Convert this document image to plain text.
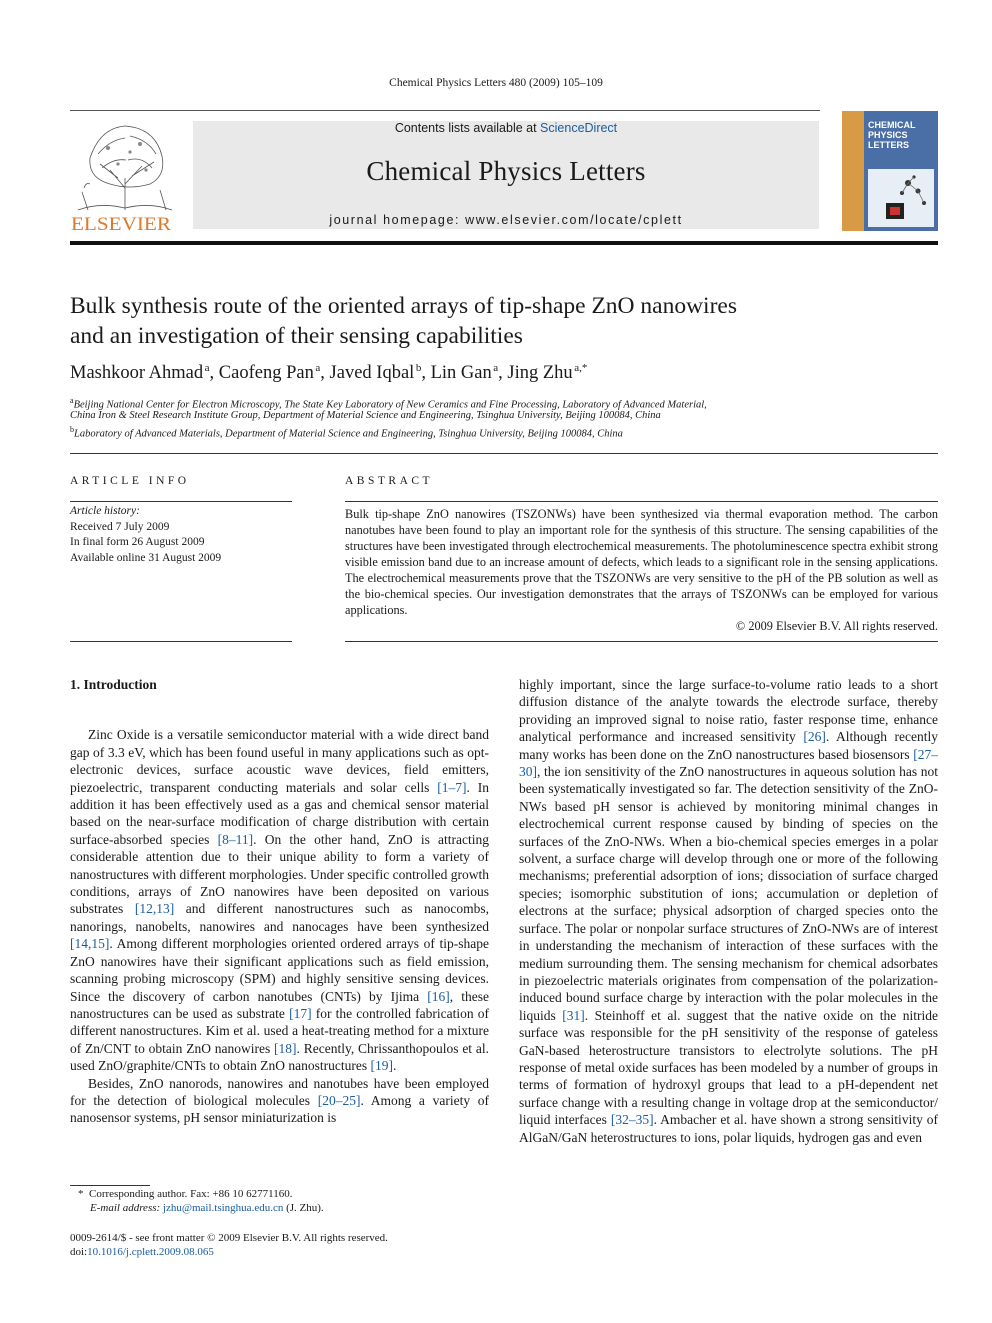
Chemical Physics Letters 480 (2009) 105–109
ELSEVIER
Contents lists available at ScienceDirect
Chemical Physics Letters
journal homepage: www.elsevier.com/locate/cplett
CHEMICAL
PHYSICS
LETTERS
Bulk synthesis route of the oriented arrays of tip-shape ZnO nanowires
and an investigation of their sensing capabilities
Mashkoor Ahmad  $^a$, Caofeng Pan  $^a$, Javed Iqbal  $^b$, Lin Gan  $^a$, Jing Zhu  $^{a,*}$
$^a$Beijing National Center for Electron Microscopy, The State Key Laboratory of New Ceramics and Fine Processing, Laboratory of Advanced Material,
China Iron & Steel Research Institute Group, Department of Material Science and Engineering, Tsinghua University, Beijing 100084, China
$^b$Laboratory of Advanced Materials, Department of Material Science and Engineering, Tsinghua University, Beijing 100084, China
ARTICLE INFO
Article history:
Received 7 July 2009
In final form 26 August 2009
Available online 31 August 2009
ABSTRACT
Bulk tip-shape ZnO nanowires (TSZONWs) have been synthesized via thermal evaporation method. The carbon nanotubes have been found to play an important role for the synthesis of this structure. The sensing capabilities of the structures have been investigated through electrochemical measurements. The photoluminescence spectra exhibit strong visible emission band due to an increase amount of defects, which leads to a significant role in the sensing applications. The electrochemical measurements prove that the TSZONWs are very sensitive to the pH of the PB solution as well as the bio-chemical species. Our investigation demonstrates that the arrays of TSZONWs can be employed for various applications.
© 2009 Elsevier B.V. All rights reserved.

1. Introduction

Zinc Oxide is a versatile semiconductor material with a wide direct band gap of 3.3 eV, which has been found useful in many applications such as opt-electronic devices, surface acoustic wave devices, field emitters, piezoelectric, transparent conducting materials and solar cells [1–7]. In addition it has been effectively used as a gas and chemical sensor material based on the near-surface modification of charge distribution with certain surface-absorbed species [8–11]. On the other hand, ZnO is attracting considerable attention due to their unique ability to form a variety of nanostructures with different morphologies. Under specific controlled growth conditions, arrays of ZnO nanowires have been deposited on various substrates [12,13] and different nanostructures such as nanocombs, nanorings, nanobelts, nanowires and nanocages have been synthesized [14,15]. Among different morphologies oriented ordered arrays of tip-shape ZnO nanowires have their significant applications such as field emission, scanning probing microscopy (SPM) and highly sensitive sensing devices. Since the discovery of carbon nanotubes (CNTs) by Ijima [16], these nanostructures can be used as substrate [17] for the controlled fabrication of different nanostructures. Kim et al. used a heat-treating method for a mixture of Zn/CNT to obtain ZnO nanowires [18]. Recently, Chrissanthopoulos et al. used ZnO/graphite/CNTs to obtain ZnO nanostructures [19].

Besides, ZnO nanorods, nanowires and nanotubes have been employed for the detection of biological molecules [20–25]. Among a variety of nanosensor systems, pH sensor miniaturization is

highly important, since the large surface-to-volume ratio leads to a short diffusion distance of the analyte towards the electrode surface, thereby providing an improved signal to noise ratio, faster response time, enhance analytical performance and increased sensitivity [26]. Although recently many works has been done on the ZnO nanostructures based biosensors [27–30], the ion sensitivity of the ZnO nanostructures in aqueous solution has not been systematically investigated so far. The detection sensitivity of the ZnO-NWs based pH sensor is achieved by monitoring minimal changes in electrochemical current response caused by binding of species on the surfaces of the ZnO-NWs. When a bio-chemical species emerges in a polar solvent, a surface charge will develop through one or more of the following mechanisms; preferential adsorption of ions; dissociation of surface charged species; isomorphic substitution of ions; accumulation or depletion of electrons at the surface; physical adsorption of charged species onto the surface. The polar or nonpolar surface structures of ZnO-NWs are of interest in understanding the mechanism of interaction of these surfaces with the medium surrounding them. The sensing mechanism for chemical adsorbates in piezoelectric materials originates from compensation of the polarization-induced bound surface charge by interaction with the polar molecules in the liquids [31]. Steinhoff et al. suggest that the native oxide on the nitride surface was responsible for the pH sensitivity of the response of gateless GaN-based heterostructure transistors to electrolyte solutions. The pH response of metal oxide surfaces has been modeled by a number of groups in terms of formation of hydroxyl groups that lead to a pH-dependent net surface change with a resulting change in voltage drop at the semiconductor/ liquid interfaces [32–35]. Ambacher et al. have shown a strong sensitivity of AlGaN/GaN heterostructures to ions, polar liquids, hydrogen gas and even

* Corresponding author. Fax: +86 10 62771160.
E-mail address: jzhu@mail.tsinghua.edu.cn (J. Zhu).
0009-2614/$ - see front matter © 2009 Elsevier B.V. All rights reserved.
doi:10.1016/j.cplett.2009.08.065
